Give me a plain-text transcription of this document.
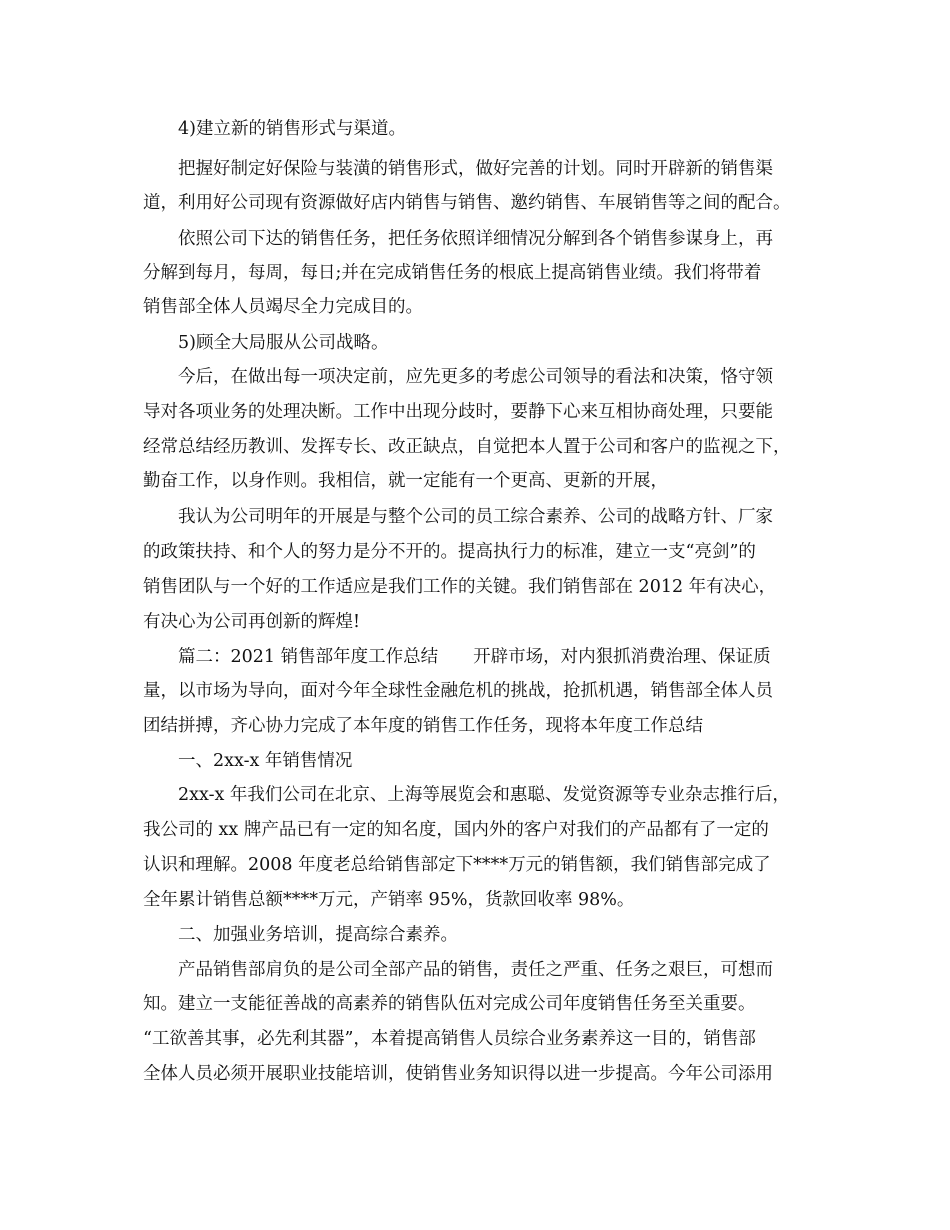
4)建立新的销售形式与渠道。
把握好制定好保险与装潢的销售形式，做好完善的计划。同时开辟新的销售渠
道，利用好公司现有资源做好店内销售与销售、邀约销售、车展销售等之间的配合。
依照公司下达的销售任务，把任务依照详细情况分解到各个销售参谋身上，再
分解到每月，每周，每日;并在完成销售任务的根底上提高销售业绩。我们将带着
销售部全体人员竭尽全力完成目的。
5)顾全大局服从公司战略。
今后，在做出每一项决定前，应先更多的考虑公司领导的看法和决策，恪守领
导对各项业务的处理决断。工作中出现分歧时，要静下心来互相协商处理，只要能
经常总结经历教训、发挥专长、改正缺点，自觉把本人置于公司和客户的监视之下，
勤奋工作，以身作则。我相信，就一定能有一个更高、更新的开展，
我认为公司明年的开展是与整个公司的员工综合素养、公司的战略方针、厂家
的政策扶持、和个人的努力是分不开的。提高执行力的标准，建立一支“亮剑”的
销售团队与一个好的工作适应是我们工作的关键。我们销售部在 2012 年有决心，
有决心为公司再创新的辉煌!
篇二：2021 销售部年度工作总结　　开辟市场，对内狠抓消费治理、保证质
量，以市场为导向，面对今年全球性金融危机的挑战，抢抓机遇，销售部全体人员
团结拼搏，齐心协力完成了本年度的销售工作任务，现将本年度工作总结
一、2xx-x 年销售情况
2xx-x 年我们公司在北京、上海等展览会和惠聪、发觉资源等专业杂志推行后，
我公司的 xx 牌产品已有一定的知名度，国内外的客户对我们的产品都有了一定的
认识和理解。2008 年度老总给销售部定下****万元的销售额，我们销售部完成了
全年累计销售总额****万元，产销率 95%，货款回收率 98%。
二、加强业务培训，提高综合素养。
产品销售部肩负的是公司全部产品的销售，责任之严重、任务之艰巨，可想而
知。建立一支能征善战的高素养的销售队伍对完成公司年度销售任务至关重要。
“工欲善其事，必先利其器”，本着提高销售人员综合业务素养这一目的，销售部
全体人员必须开展职业技能培训，使销售业务知识得以进一步提高。今年公司添用
